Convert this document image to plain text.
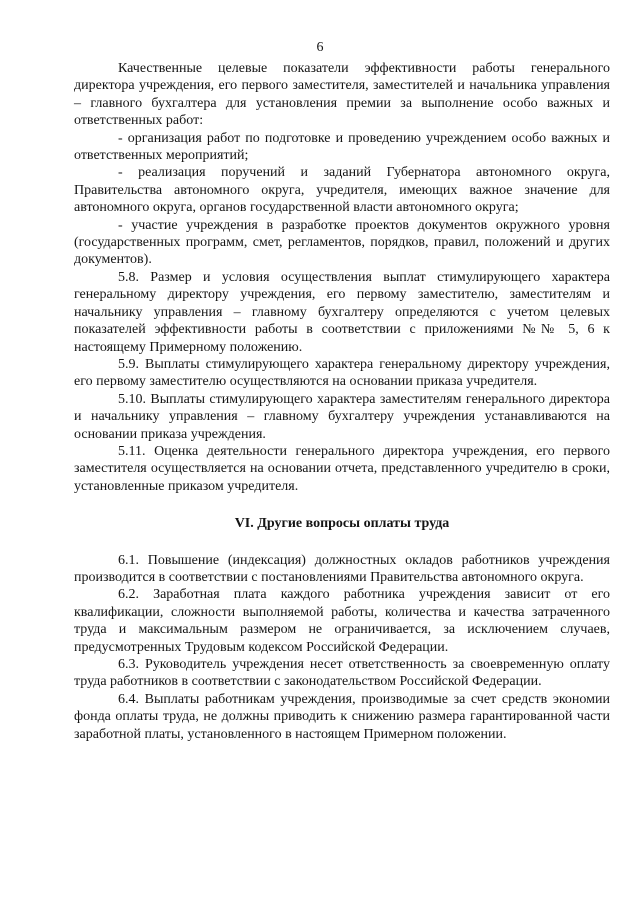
6

Качественные целевые показатели эффективности работы генерального директора учреждения, его первого заместителя, заместителей и начальника управления – главного бухгалтера для установления премии за выполнение особо важных и ответственных работ:

- организация работ по подготовке и проведению учреждением особо важных и ответственных мероприятий;

- реализация поручений и заданий Губернатора автономного округа, Правительства автономного округа, учредителя, имеющих важное значение для автономного округа, органов государственной власти автономного округа;

- участие учреждения в разработке проектов документов окружного уровня (государственных программ, смет, регламентов, порядков, правил, положений и других документов).

5.8. Размер и условия осуществления выплат стимулирующего характера генеральному директору учреждения, его первому заместителю, заместителям и начальнику управления – главному бухгалтеру определяются с учетом целевых показателей эффективности работы в соответствии с приложениями №№ 5, 6 к настоящему Примерному положению.

5.9. Выплаты стимулирующего характера генеральному директору учреждения, его первому заместителю осуществляются на основании приказа учредителя.

5.10. Выплаты стимулирующего характера заместителям генерального директора и начальнику управления – главному бухгалтеру учреждения устанавливаются на основании приказа учреждения.

5.11. Оценка деятельности генерального директора учреждения, его первого заместителя осуществляется на основании отчета, представленного учредителю в сроки, установленные приказом учредителя.

VI. Другие вопросы оплаты труда

6.1. Повышение (индексация) должностных окладов работников учреждения производится в соответствии с постановлениями Правительства автономного округа.

6.2. Заработная плата каждого работника учреждения зависит от его квалификации, сложности выполняемой работы, количества и качества затраченного труда и максимальным размером не ограничивается, за исключением случаев, предусмотренных Трудовым кодексом Российской Федерации.

6.3. Руководитель учреждения несет ответственность за своевременную оплату труда работников в соответствии с законодательством Российской Федерации.

6.4. Выплаты работникам учреждения, производимые за счет средств экономии фонда оплаты труда, не должны приводить к снижению размера гарантированной части заработной платы, установленного в настоящем Примерном положении.
